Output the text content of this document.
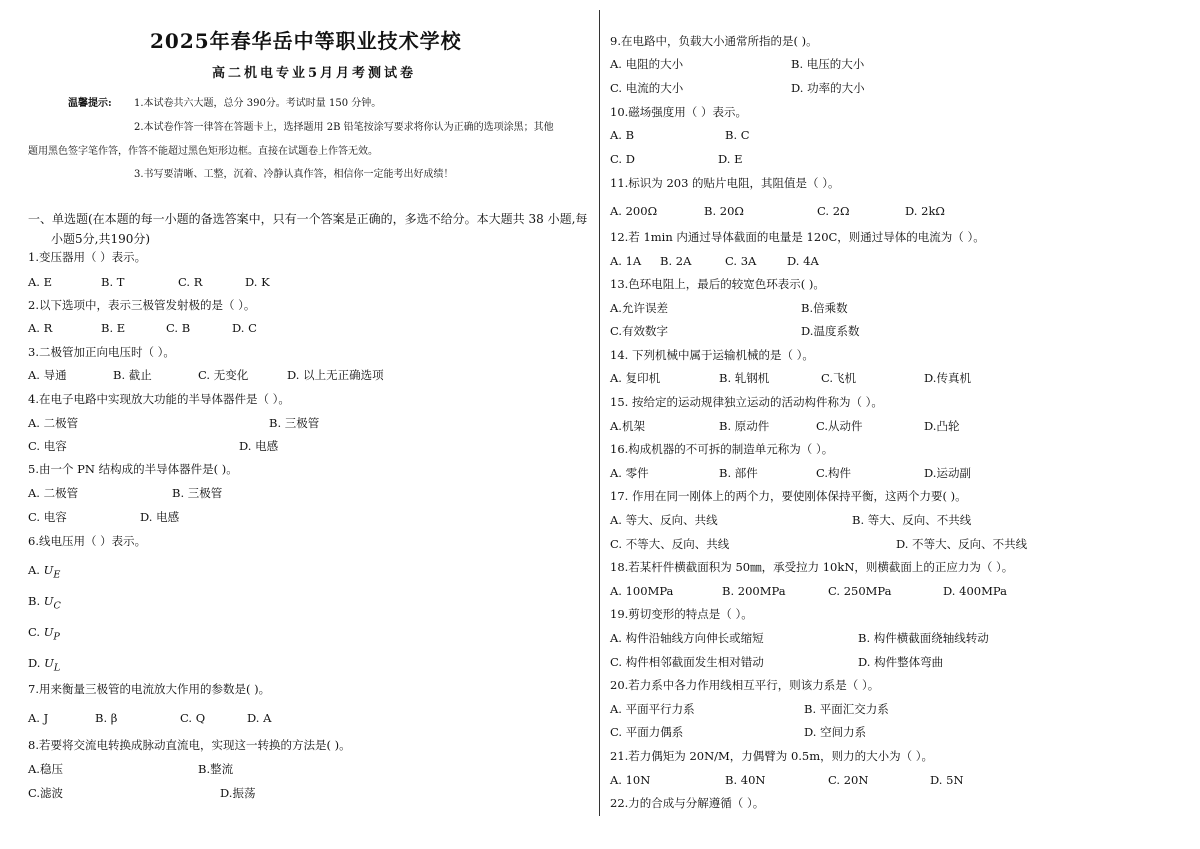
2025年春华岳中等职业技术学校
高二机电专业5月月考测试卷
温馨提示: 1.本试卷共六大题，总分 390分。考试时量 150 分钟。
2.本试卷作答一律答在答题卡上，选择题用 2B 铅笔按涂写要求将你认为正确的选项涂黑；其他
题用黑色签字笔作答，作答不能超过黑色矩形边框。直接在试题卷上作答无效。
3.书写要清晰、工整，沉着、冷静认真作答，相信你一定能考出好成绩！
一、单选题(在本题的每一小题的备选答案中，只有一个答案是正确的，多选不给分。本大题共 38 小题,每
小题5分,共190分)
1.变压器用（ ）表示。
A. E	B. T	C. R	D. K
2.以下选项中，表示三极管发射极的是（ ）。
A. R	B. E	C. B	D. C
3.二极管加正向电压时（ ）。
A. 导通	B. 截止	C. 无变化	D. 以上无正确选项
4.在电子电路中实现放大功能的半导体器件是（ ）。
A. 二极管	B. 三极管
C. 电容	D. 电感
5.由一个 PN 结构成的半导体器件是( )。
A. 二极管	B. 三极管
C. 电容	D. 电感
6.线电压用（ ）表示。
A. $U_E$
B. $U_C$
C. $U_P$
D. $U_L$
7.用来衡量三极管的电流放大作用的参数是( )。
A. J	B. β	C. Q	D. A
8.若要将交流电转换成脉动直流电，实现这一转换的方法是( )。
A.稳压	B.整流
C.滤波	D.振荡
9.在电路中，负载大小通常所指的是( )。
A. 电阻的大小	B. 电压的大小
C. 电流的大小	D. 功率的大小
10.磁场强度用（ ）表示。
A. B	B. C
C. D	D. E
11.标识为 203 的贴片电阻，其阻值是（ ）。
A. 200Ω	B. 20Ω	C. 2Ω	D. 2kΩ
12.若 1min 内通过导体截面的电量是 120C，则通过导体的电流为（ ）。
A. 1A B. 2A	C. 3A	D. 4A
13.色环电阻上，最后的较宽色环表示( )。
A.允许误差	B.倍乘数
C.有效数字	D.温度系数
14. 下列机械中属于运输机械的是（ ）。
A. 复印机	B. 轧钢机	C.飞机	D.传真机
15. 按给定的运动规律独立运动的活动构件称为（ ）。
A.机架	B. 原动件	C.从动件	D.凸轮
16.构成机器的不可拆的制造单元称为（ ）。
A. 零件	B. 部件	C.构件	D.运动副
17. 作用在同一刚体上的两个力，要使刚体保持平衡，这两个力要( )。
A. 等大、反向、共线	B. 等大、反向、不共线
C. 不等大、反向、共线	D. 不等大、反向、不共线
18.若某杆件横截面积为 50㎜，承受拉力 10kN，则横截面上的正应力为（ ）。
A. 100MPa	B. 200MPa	C. 250MPa	D. 400MPa
19.剪切变形的特点是（ ）。
A. 构件沿轴线方向伸长或缩短	B. 构件横截面绕轴线转动
C. 构件相邻截面发生相对错动	D. 构件整体弯曲
20.若力系中各力作用线相互平行，则该力系是（ ）。
A. 平面平行力系	B. 平面汇交力系
C. 平面力偶系	D. 空间力系
21.若力偶矩为 20N/M，力偶臂为 0.5m，则力的大小为（ ）。
A. 10N	B. 40N	C. 20N	D. 5N
22.力的合成与分解遵循（ ）。
